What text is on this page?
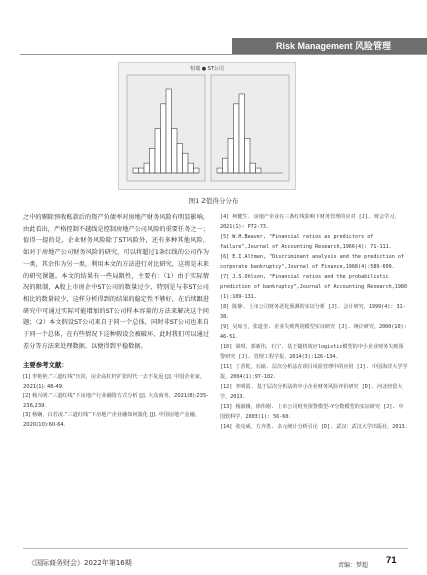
Risk Management 风险管理
恒瑞 ● ST公司
图1 Z值得分分布

之中的剔除预收账款后的资产负债率对房地产财务风险有明显影响，由此看出，严格控制不越线是控制房地产公司风险的重要任务之一；值得一提的是，企业财务风险除了ST风险外，还有多种其他风险，如对于房地产公司财务风险的研究，可以将超过1条红线的公司作为一类，其余作为另一类，利用本文的方法进行对比研究，这将是未来的研究课题。本文的结果有一些局限性，主要有：（1）由于实际情况的限制，A股上市房企中ST公司的数量过少，特别是与非ST公司相比的数量较少，这样分析得到的结果的稳定性不够好，在后续跟进研究中可通过实际可能增加的ST公司样本容量的方法来解决这个问题；（2）本文假设ST公司来自于同一个总体，同时非ST公司也来自于同一个总体，在有些情况下这种假设会被破坏，此时我们可以通过差分等方法来处理数据，以便得到平稳数据。

主要参考文献：
[1] 李艳艳.“三道红线”压顶，房企高杠杆扩张时代一去不复返 [J]. 中国企业家，2021(1): 46-49.
[2] 杨兴明.“三道红线”下房地产行业融资方式分析 [J]. 大众商务，2021(8):235-236,239.
[3] 杨娴，白若凌.“三道红线”下房地产企业融如何演化 [J]. 中国房地产金融，2020(10):60-64.
[4] 柯健生. 房地产企业在三条红线影响下财务管理的应对 [J]. 财会学习，2021(1): P72-73.
[5] W.H.Beaver, "Financial ratios as predictors of failure",Journal of Accounting Research,1966(4): 71-111.
[6] E.I.Altman, "Discriminant analysis and the prediction of corporate bankruptcy",Journal of Finance,1968(4):589-609.
[7] J.S.Ohlson, "Financial ratios and the probabilistic prediction of bankruptcy",Journal of Accounting Research,1980 (1):109-131.
[8] 陈静. 上市公司财务恶化预测的实证分析 [J]. 会计研究，1999(4): 31-38.
[9] 吴琼玉，张道奎. 企业失败判别模型实证研究 [J]. 统计研究，2000(10): 46-51.
[10] 梁琪，郭新伟，石宁. 基于随机效应logistic模型的中小企业财务失败预警研究 [J]. 管理工程学报，2014(3):126-134.
[11] 丁香乾，石硕. 层次分析法在项目风险管理中的应用 [J]. 中国海洋大学学报，2004(1):97-102.
[12] 李明霞. 基于层次分析法的中小企业财务风险评价研究 [D]. 河北经贸大学，2013.
[13] 杨淑娥，徐伟刚. 上市公司财务预警模型—Y分数模型的实证研究 [J]. 中国软科学，2003(1): 56-60.
[14] 张亮威，方齐勇. 多元统计分析引论 [D]. 武汉：武汉大学出版社，2013.
责编：梦超
《国际商务财会》2022年第16期	71
